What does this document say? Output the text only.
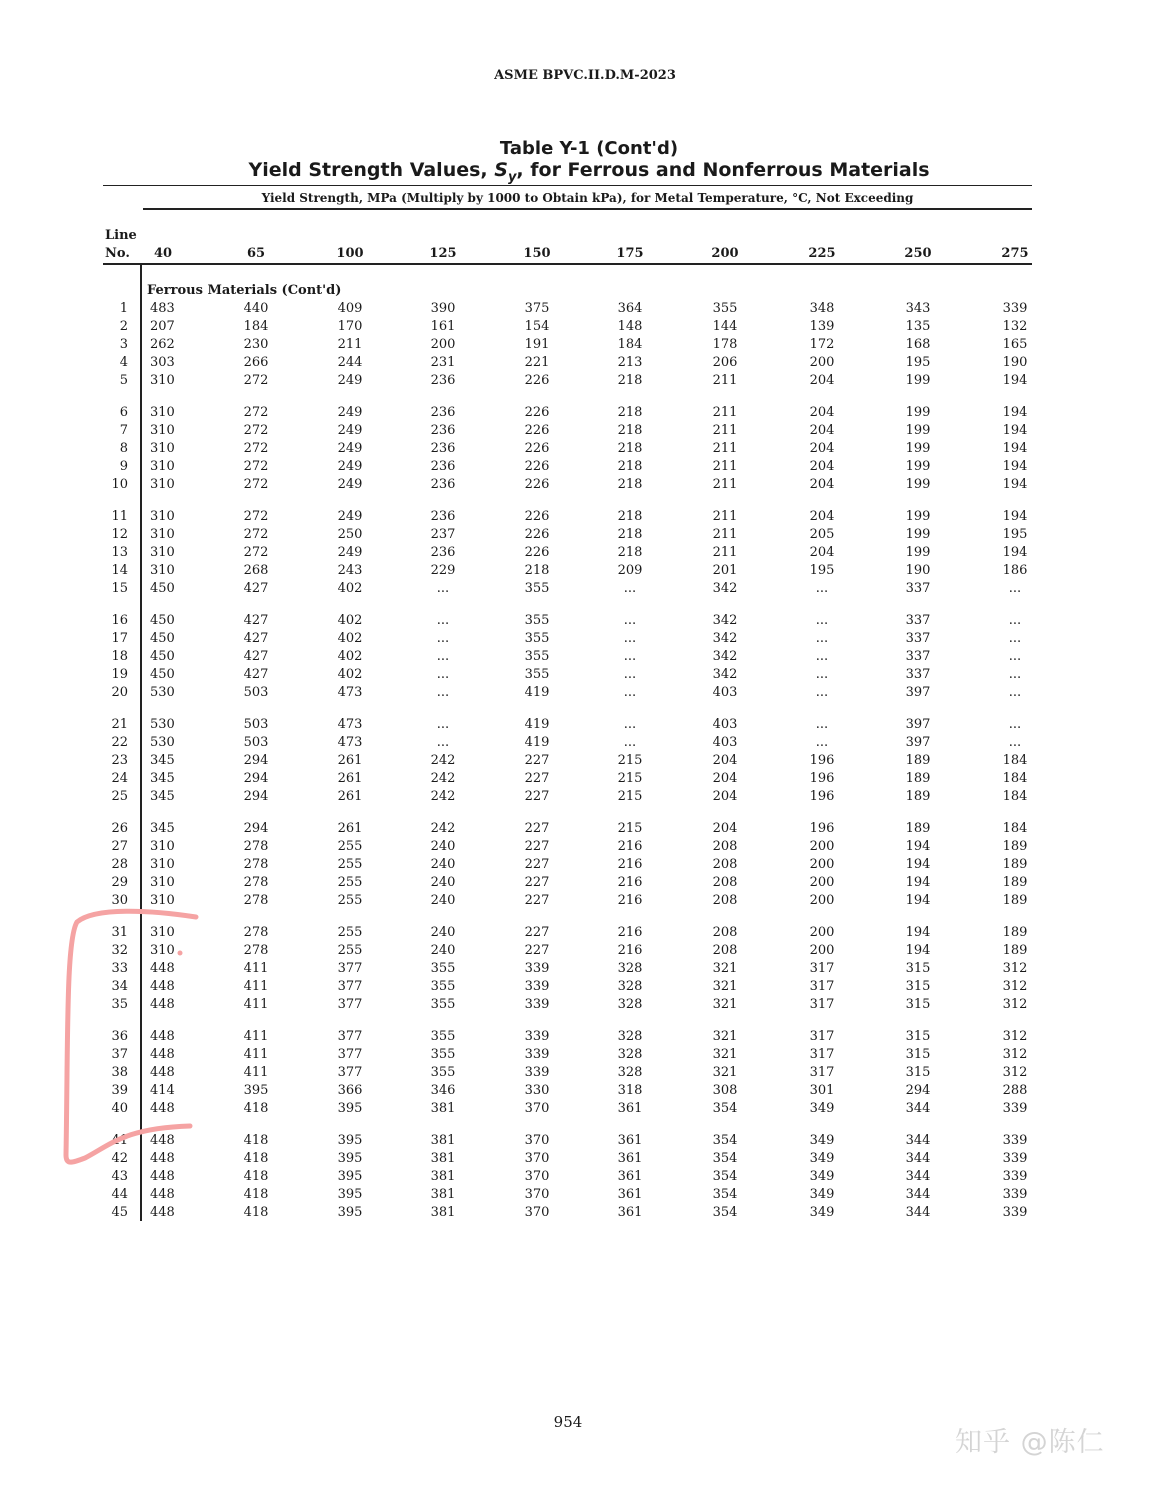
ASME BPVC.II.D.M-2023
Table Y-1 (Cont'd)
Yield Strength Values, $S_y$, for Ferrous and Nonferrous Materials
Yield Strength, MPa (Multiply by 1000 to Obtain kPa), for Metal Temperature, °C, Not Exceeding
Line
No. 40	65	100	125	150	175	200	225	250	275
Ferrous Materials (Cont'd)
1 483	440	409	390	375	364	355	348	343	339
2 207	184	170	161	154	148	144	139	135	132
3 262	230	211	200	191	184	178	172	168	165
4 303	266	244	231	221	213	206	200	195	190
5 310	272	249	236	226	218	211	204	199	194
6 310	272	249	236	226	218	211	204	199	194
7 310	272	249	236	226	218	211	204	199	194
8 310	272	249	236	226	218	211	204	199	194
9 310	272	249	236	226	218	211	204	199	194
10 310	272	249	236	226	218	211	204	199	194
11 310	272	249	236	226	218	211	204	199	194
12 310	272	250	237	226	218	211	205	199	195
13 310	272	249	236	226	218	211	204	199	194
14 310	268	243	229	218	209	201	195	190	186
15 450	427	402	...	355	...	342	...	337	...
16 450	427	402	...	355	...	342	...	337	...
17 450	427	402	...	355	...	342	...	337	...
18 450	427	402	...	355	...	342	...	337	...
19 450	427	402	...	355	...	342	...	337	...
20 530	503	473	...	419	...	403	...	397	...
21 530	503	473	...	419	...	403	...	397	...
22 530	503	473	...	419	...	403	...	397	...
23 345	294	261	242	227	215	204	196	189	184
24 345	294	261	242	227	215	204	196	189	184
25 345	294	261	242	227	215	204	196	189	184
26 345	294	261	242	227	215	204	196	189	184
27 310	278	255	240	227	216	208	200	194	189
28 310	278	255	240	227	216	208	200	194	189
29 310	278	255	240	227	216	208	200	194	189
30 310	278	255	240	227	216	208	200	194	189
31 310	278	255	240	227	216	208	200	194	189
32 310	278	255	240	227	216	208	200	194	189
33 448	411	377	355	339	328	321	317	315	312
34 448	411	377	355	339	328	321	317	315	312
35 448	411	377	355	339	328	321	317	315	312
36 448	411	377	355	339	328	321	317	315	312
37 448	411	377	355	339	328	321	317	315	312
38 448	411	377	355	339	328	321	317	315	312
39 414	395	366	346	330	318	308	301	294	288
40 448	418	395	381	370	361	354	349	344	339
41 448	418	395	381	370	361	354	349	344	339
42 448	418	395	381	370	361	354	349	344	339
43 448	418	395	381	370	361	354	349	344	339
44 448	418	395	381	370	361	354	349	344	339
45 448	418	395	381	370	361	354	349	344	339
954
知乎 @陈仁
